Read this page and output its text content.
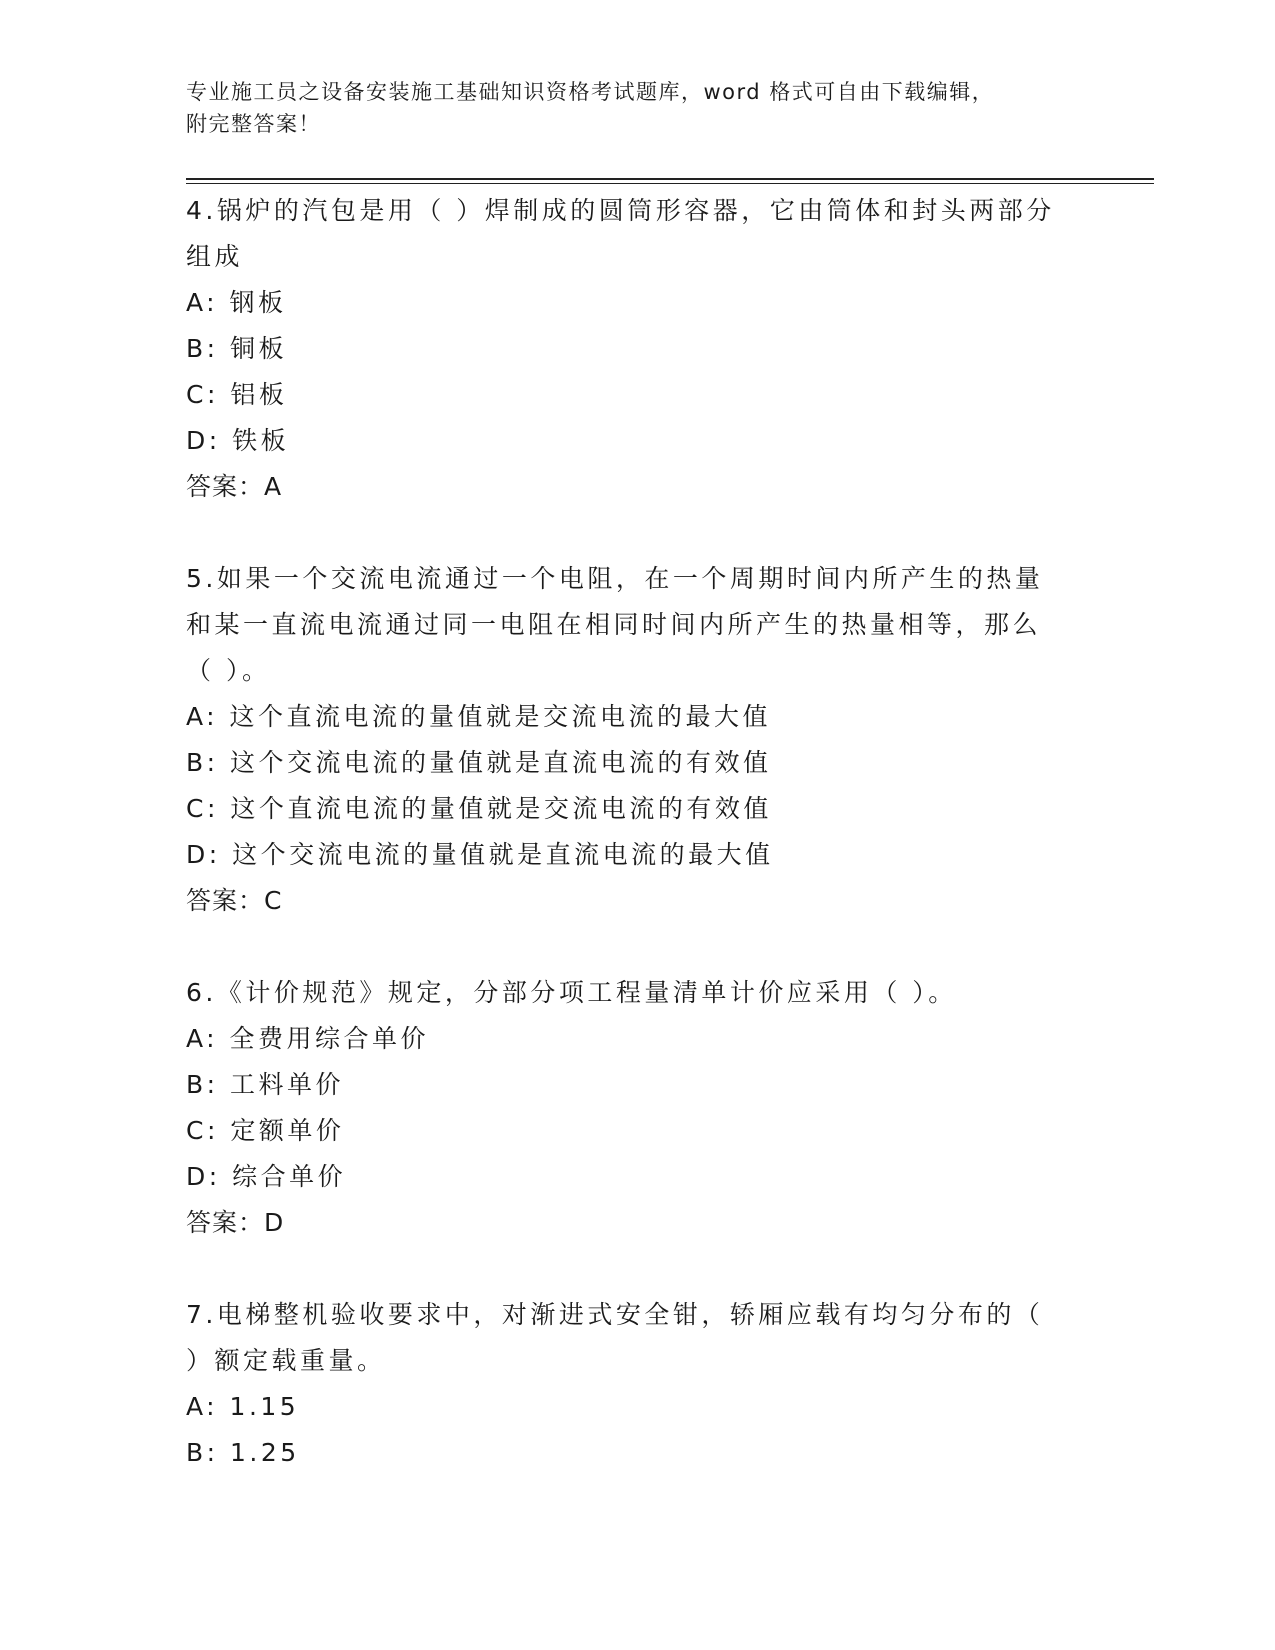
专业施工员之设备安装施工基础知识资格考试题库，word 格式可自由下载编辑，
附完整答案！
4.锅炉的汽包是用（ ）焊制成的圆筒形容器，它由筒体和封头两部分
组成
A: 钢板
B: 铜板
C: 铝板
D: 铁板
答案：A
5.如果一个交流电流通过一个电阻，在一个周期时间内所产生的热量
和某一直流电流通过同一电阻在相同时间内所产生的热量相等，那么
（ ）。
A: 这个直流电流的量值就是交流电流的最大值
B: 这个交流电流的量值就是直流电流的有效值
C: 这个直流电流的量值就是交流电流的有效值
D: 这个交流电流的量值就是直流电流的最大值
答案：C
6.《计价规范》规定，分部分项工程量清单计价应采用（ ）。
A: 全费用综合单价
B: 工料单价
C: 定额单价
D: 综合单价
答案：D
7.电梯整机验收要求中，对渐进式安全钳，轿厢应载有均匀分布的（
）额定载重量。
A: 1.15
B: 1.25
